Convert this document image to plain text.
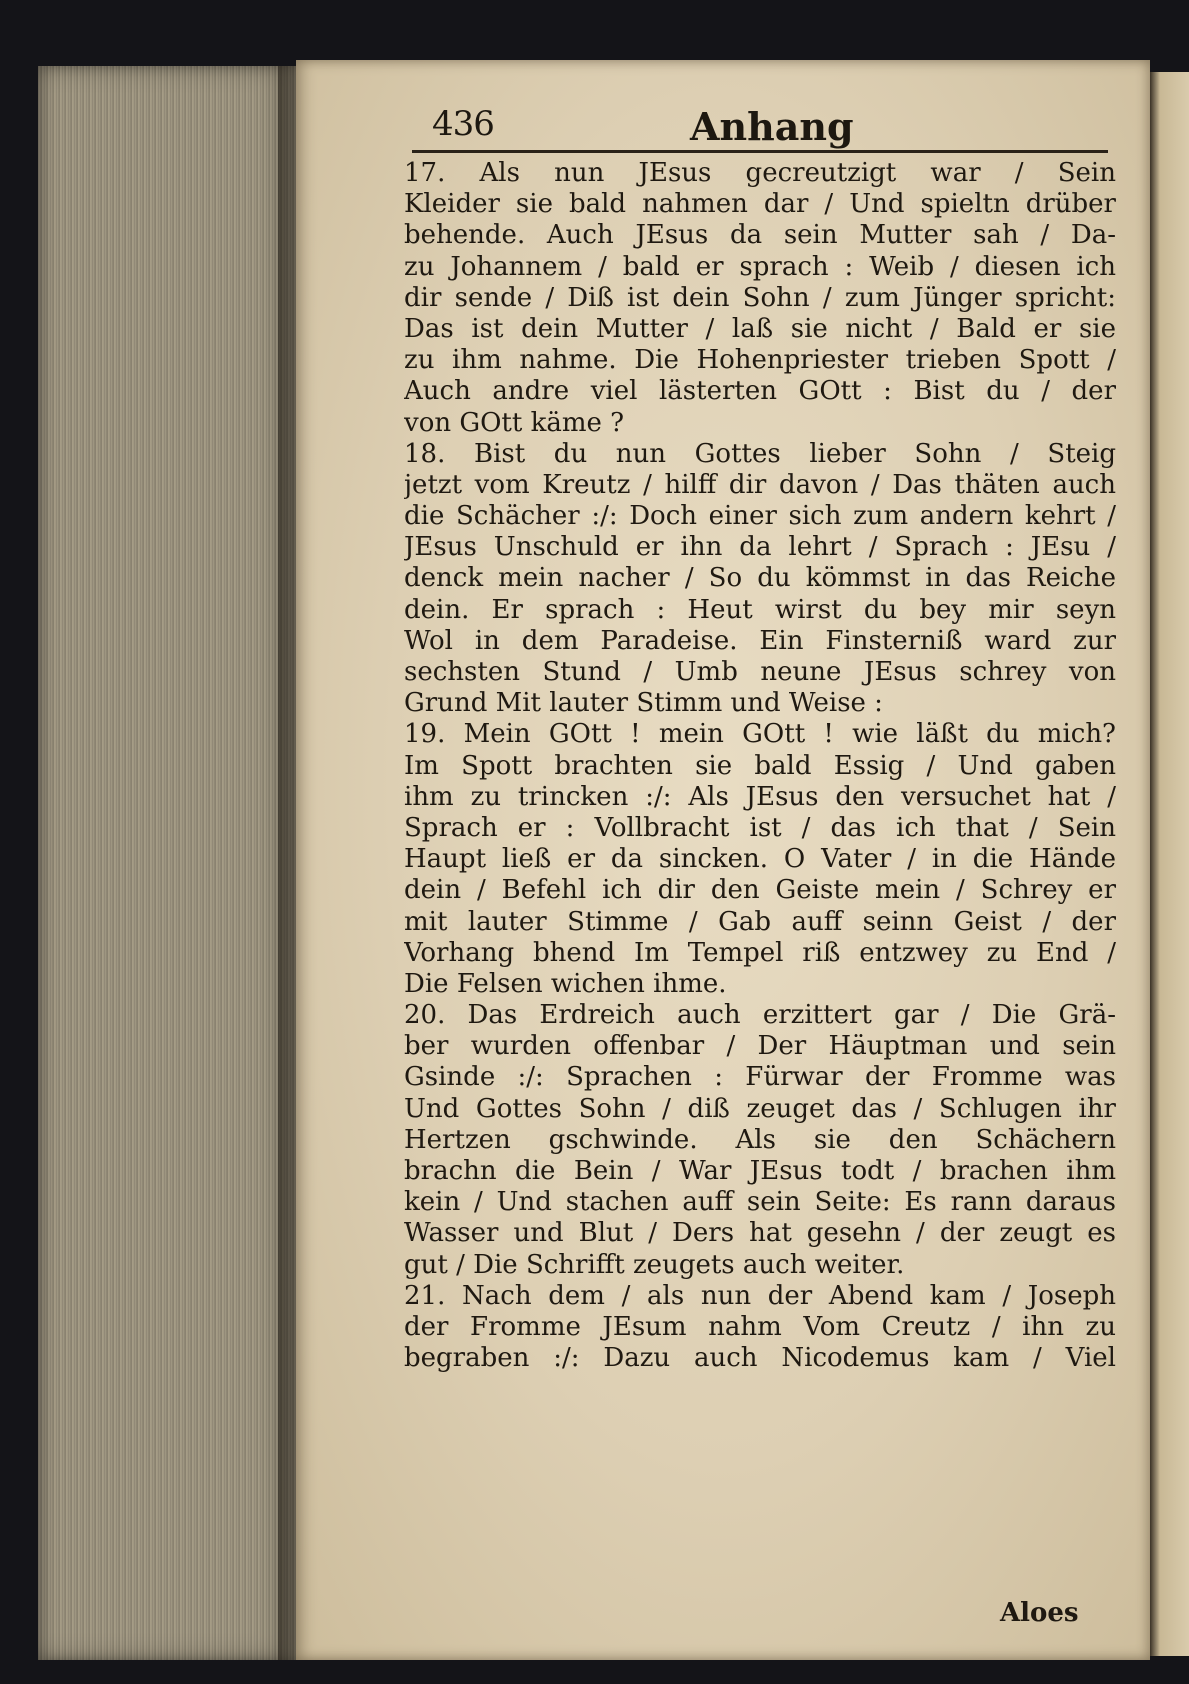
436	Anhang
17. Als nun JEsus gecreutzigt war / Sein
Kleider sie bald nahmen dar / Und spieltn drüber
behende. Auch JEsus da sein Mutter sah / Da-
zu Johannem / bald er sprach : Weib / diesen ich
dir sende / Diß ist dein Sohn / zum Jünger spricht:
Das ist dein Mutter / laß sie nicht / Bald er sie
zu ihm nahme. Die Hohenpriester trieben Spott /
Auch andre viel lästerten GOtt : Bist du / der
von GOtt käme ?
18. Bist du nun Gottes lieber Sohn / Steig
jetzt vom Kreutz / hilff dir davon / Das thäten auch
die Schächer :/: Doch einer sich zum andern kehrt /
JEsus Unschuld er ihn da lehrt / Sprach : JEsu /
denck mein nacher / So du kömmst in das Reiche
dein. Er sprach : Heut wirst du bey mir seyn
Wol in dem Paradeise. Ein Finsterniß ward zur
sechsten Stund / Umb neune JEsus schrey von
Grund Mit lauter Stimm und Weise :
19. Mein GOtt ! mein GOtt ! wie läßt du mich?
Im Spott brachten sie bald Essig / Und gaben
ihm zu trincken :/: Als JEsus den versuchet hat /
Sprach er : Vollbracht ist / das ich that / Sein
Haupt ließ er da sincken. O Vater / in die Hände
dein / Befehl ich dir den Geiste mein / Schrey er
mit lauter Stimme / Gab auff seinn Geist / der
Vorhang bhend Im Tempel riß entzwey zu End /
Die Felsen wichen ihme.
20. Das Erdreich auch erzittert gar / Die Grä-
ber wurden offenbar / Der Häuptman und sein
Gsinde :/: Sprachen : Fürwar der Fromme was
Und Gottes Sohn / diß zeuget das / Schlugen ihr
Hertzen gschwinde. Als sie den Schächern
brachn die Bein / War JEsus todt / brachen ihm
kein / Und stachen auff sein Seite: Es rann daraus
Wasser und Blut / Ders hat gesehn / der zeugt es
gut / Die Schrifft zeugets auch weiter.
21. Nach dem / als nun der Abend kam / Joseph
der Fromme JEsum nahm Vom Creutz / ihn zu
begraben :/: Dazu auch Nicodemus kam / Viel
Aloes
